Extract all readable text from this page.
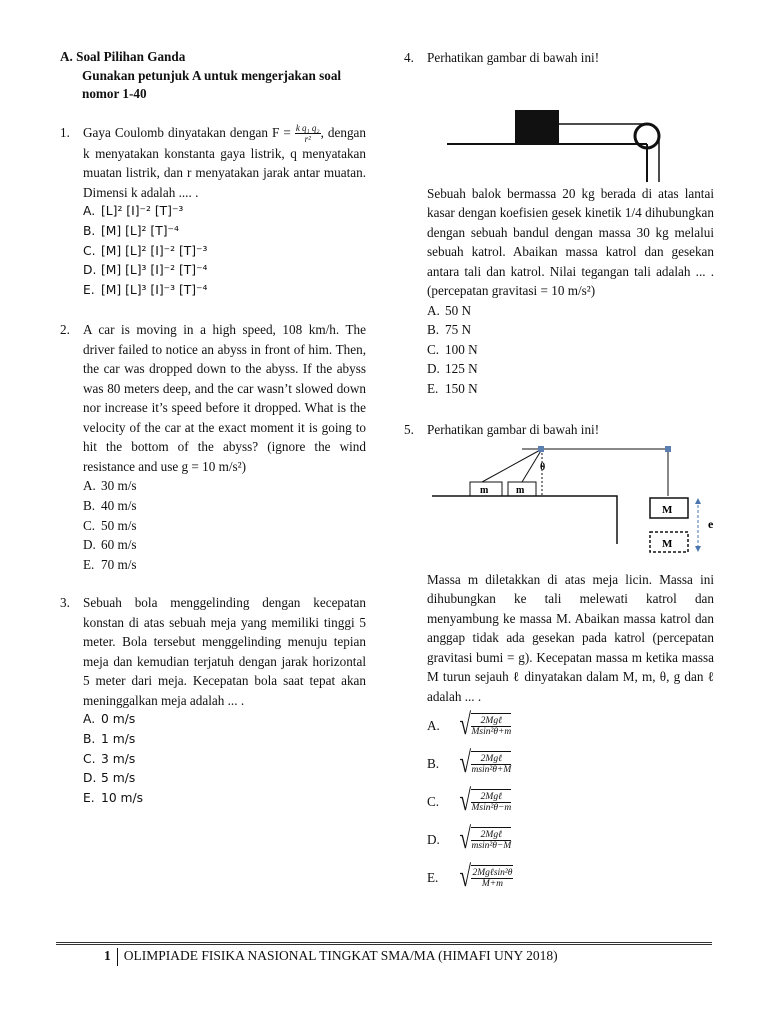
A. Soal Pilihan Ganda
Gunakan petunjuk A untuk mengerjakan soal nomor 1-40
1. Gaya Coulomb dinyatakan dengan $F = \frac{\text{k q₁ q₂}}{\text{r²}}$ , dengan k menyatakan konstanta gaya listrik, q menyatakan muatan listrik, dan r menyatakan jarak antar muatan. Dimensi k adalah .... .
A. [L]² [I]⁻² [T]⁻³
B. [M] [L]² [T]⁻⁴
C. [M] [L]² [I]⁻² [T]⁻³
D. [M] [L]³ [I]⁻² [T]⁻⁴
E. [M] [L]³ [I]⁻³ [T]⁻⁴
2. A car is moving in a high speed, 108 km/h. The driver failed to notice an abyss in front of him. Then, the car was dropped down to the abyss. If the abyss was 80 meters deep, and the car wasn’t slowed down nor increase it’s speed before it dropped. What is the velocity of the car at the exact moment it is going to hit the bottom of the abyss? (ignore the wind resistance and use g = 10 m/s²)
A. 30 m/s
B. 40 m/s
C. 50 m/s
D. 60 m/s
E. 70 m/s
3. Sebuah bola menggelinding dengan kecepatan konstan di atas sebuah meja yang memiliki tinggi 5 meter. Bola tersebut menggelinding menuju tepian meja dan kemudian terjatuh dengan jarak horizontal 5 meter dari meja. Kecepatan bola saat tepat akan meninggalkan meja adalah ... .
A. 0 m/s
B. 1 m/s
C. 3 m/s
D. 5 m/s
E. 10 m/s
4. Perhatikan gambar di bawah ini!
Sebuah balok bermassa 20 kg berada di atas lantai kasar dengan koefisien gesek kinetik 1/4 dihubungkan dengan sebuah bandul dengan massa 30 kg melalui sebuah katrol. Abaikan massa katrol dan gesekan antara tali dan katrol. Nilai tegangan tali adalah ... . (percepatan gravitasi = 10 m/s²)
A. 50 N
B. 75 N
C. 100 N
D. 125 N
E. 150 N
5. Perhatikan gambar di bawah ini!
m	m
θ
M
M
e
Massa m diletakkan di atas meja licin. Massa ini dihubungkan ke tali melewati katrol dan menyambung ke massa M. Abaikan massa katrol dan anggap tidak ada gesekan pada katrol (percepatan gravitasi bumi = g). Kecepatan massa m ketika massa M turun sejauh ℓ dinyatakan dalam M, m, θ, g dan ℓ adalah ... .
A. √ $\frac{\text{2Mgℓ}}{\text{Msin²θ+m}}$
B. √ $\frac{\text{2Mgℓ}}{\text{msin²θ+M}}$
C. √ $\frac{\text{2Mgℓ}}{\text{Msin²θ−m}}$
D. √ $\frac{\text{2Mgℓ}}{\text{msin²θ−M}}$
E. √ $\frac{\text{2Mgℓsin²θ}}{M+m}$
1 OLIMPIADE FISIKA NASIONAL TINGKAT SMA/MA (HIMAFI UNY 2018)
